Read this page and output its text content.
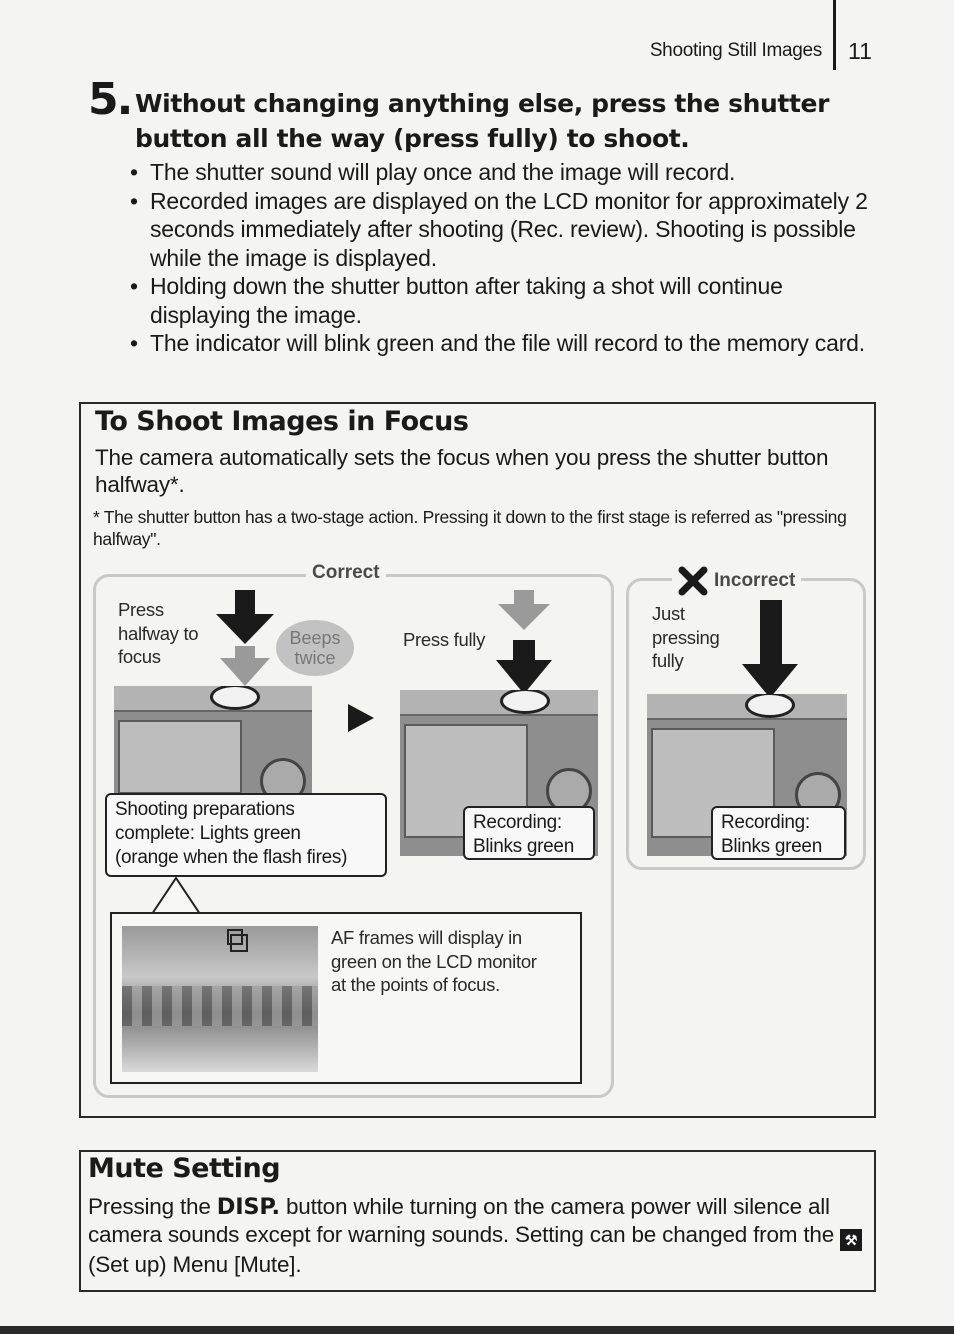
Shooting Still Images 11
5. Without changing anything else, press the shutter button all the way (press fully) to shoot.
• The shutter sound will play once and the image will record.
• Recorded images are displayed on the LCD monitor for approximately 2 seconds immediately after shooting (Rec. review). Shooting is possible while the image is displayed.
• Holding down the shutter button after taking a shot will continue displaying the image.
• The indicator will blink green and the file will record to the memory card.
To Shoot Images in Focus
The camera automatically sets the focus when you press the shutter button halfway*.
* The shutter button has a two-stage action. Pressing it down to the first stage is referred as "pressing halfway".
Correct	Incorrect
Press
halfway to
focus
Beeps
twice
Shooting preparations
complete: Lights green
(orange when the flash fires)
Press fully
Recording:
Blinks green
Just
pressing
fully
Recording:
Blinks green
AF frames will display in
green on the LCD monitor
at the points of focus.
Mute Setting
Pressing the DISP. button while turning on the camera power will silence all camera sounds except for warning sounds. Setting can be changed from the ⚒ (Set up) Menu [Mute].
